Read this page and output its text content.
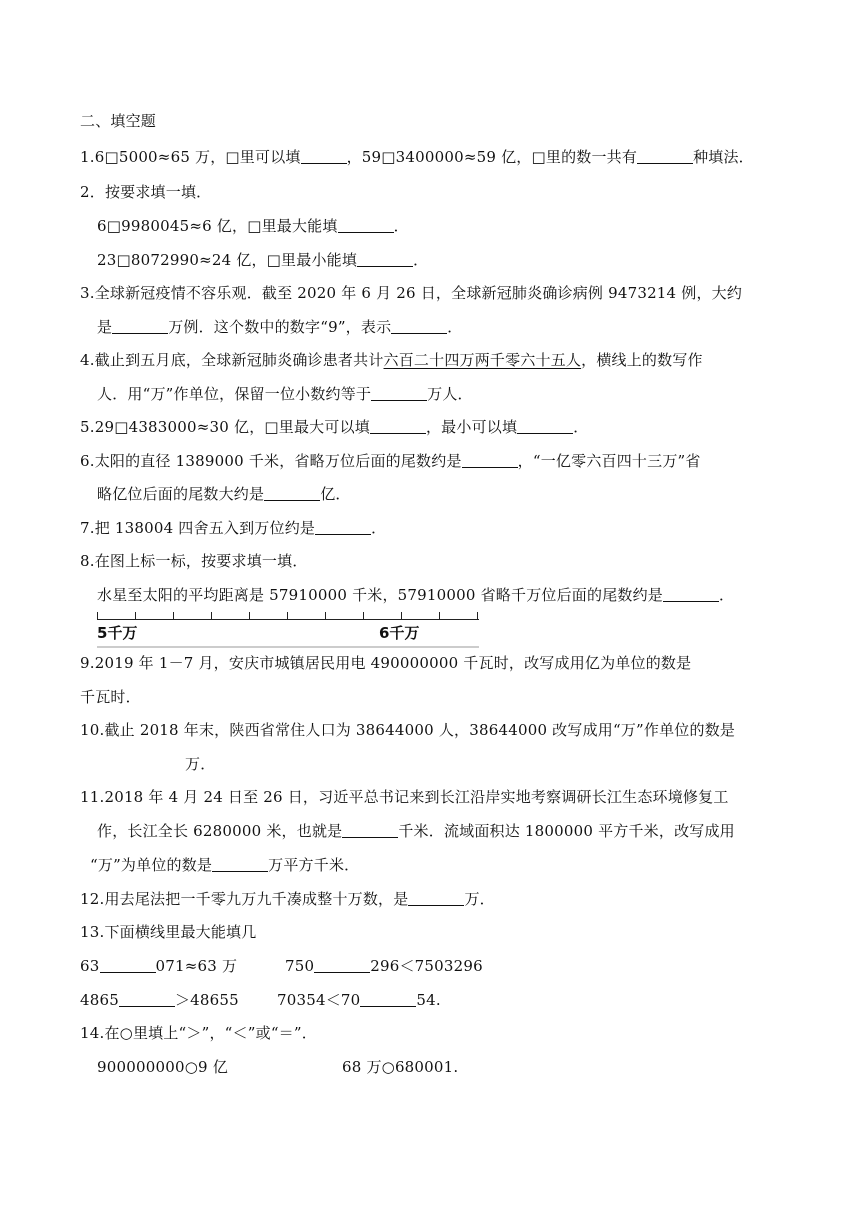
二、填空题
1.6□5000≈65 万，□里可以填	，59□3400000≈59 亿，□里的数一共有	种填法．
2．按要求填一填．
6□9980045≈6 亿，□里最大能填	．
23□8072990≈24 亿，□里最小能填	．
3.全球新冠疫情不容乐观．截至 2020 年 6 月 26 日，全球新冠肺炎确诊病例 9473214 例，大约
是	万例．这个数中的数字“9”，表示	．
4.截止到五月底，全球新冠肺炎确诊患者共计六百二十四万两千零六十五人，横线上的数写作
人．用“万”作单位，保留一位小数约等于	万人．
5.29□4383000≈30 亿，□里最大可以填	，最小可以填	．
6.太阳的直径 1389000 千米，省略万位后面的尾数约是	，“一亿零六百四十三万”省
略亿位后面的尾数大约是	亿．
7.把 138004 四舍五入到万位约是	．
8.在图上标一标，按要求填一填．
水星至太阳的平均距离是 57910000 千米，57910000 省略千万位后面的尾数约是	．
5千万	6千万
9.2019 年 1－7 月，安庆市城镇居民用电 490000000 千瓦时，改写成用亿为单位的数是
千瓦时．
10.截止 2018 年末，陕西省常住人口为 38644000 人，38644000 改写成用“万”作单位的数是
万．
11.2018 年 4 月 24 日至 26 日，习近平总书记来到长江沿岸实地考察调研长江生态环境修复工
作，长江全长 6280000 米，也就是	千米．流域面积达 1800000 平方千米，改写成用
“万”为单位的数是	万平方千米．
12.用去尾法把一千零九万九千凑成整十万数，是	万．
13.下面横线里最大能填几
63	071≈63 万	750	296＜7503296
4865	＞48655	70354＜70	54.
14.在○里填上“＞”，“＜”或“＝”．
900000000○9 亿	68 万○680001.
